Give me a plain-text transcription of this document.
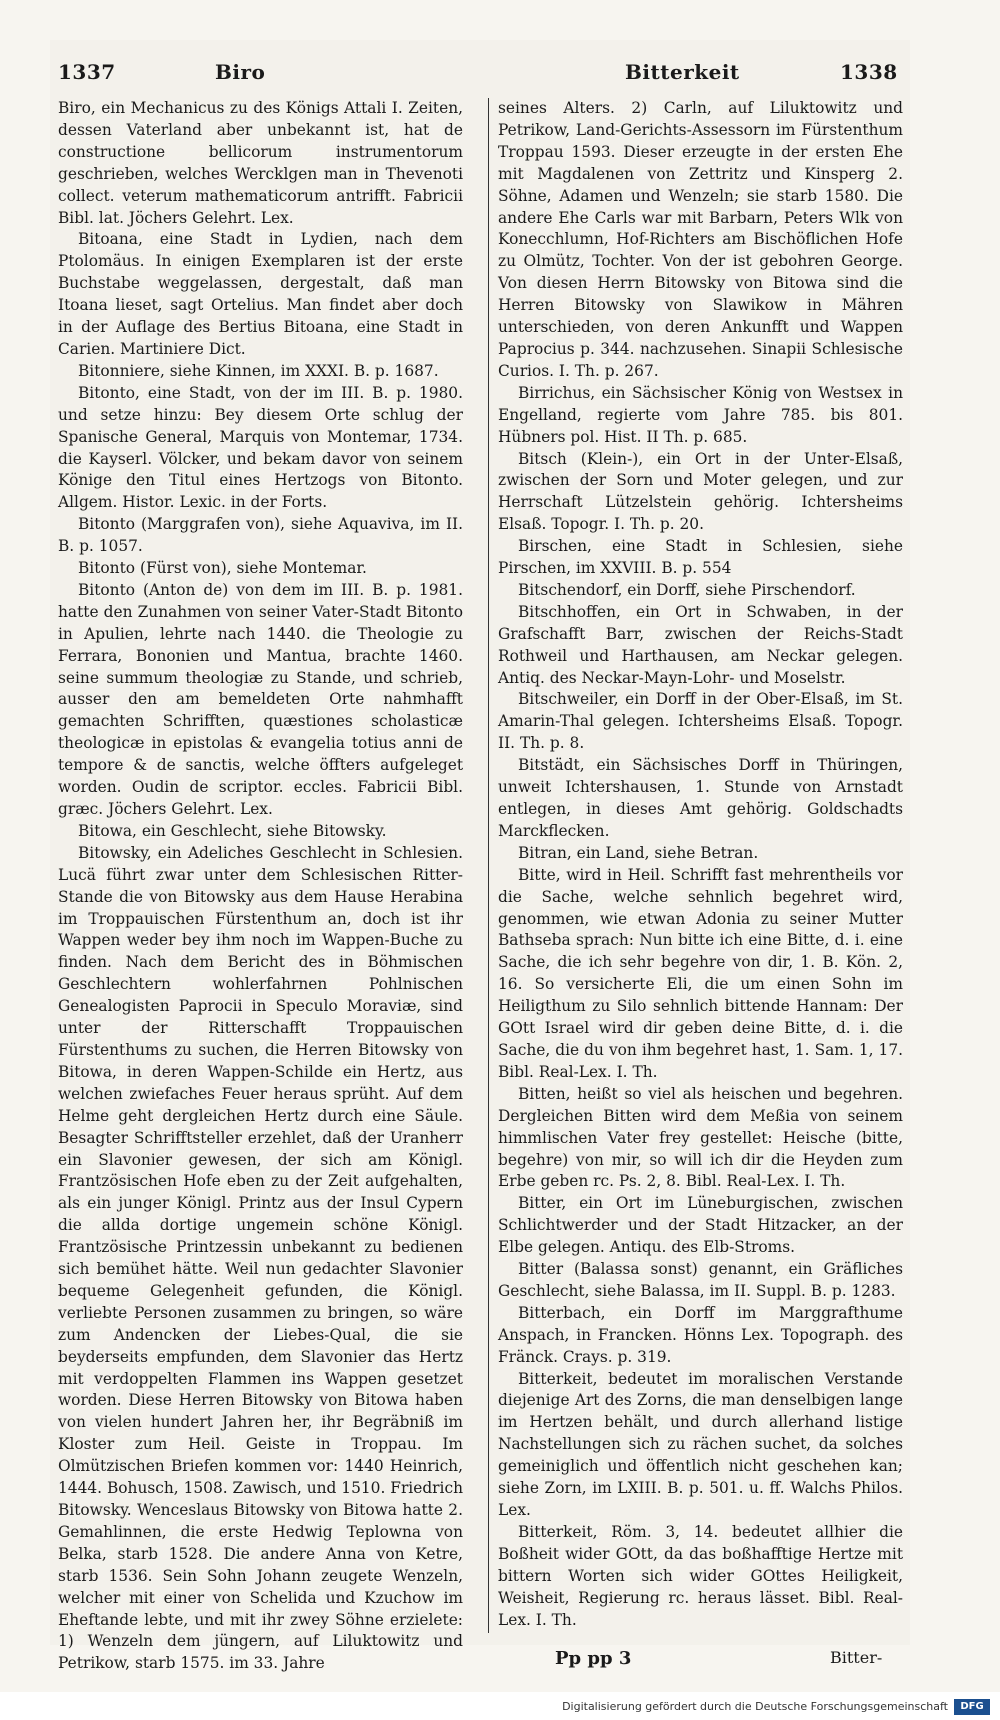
1337	Biro	Bitterkeit	1338

Biro, ein Mechanicus zu des Königs Attali I. Zeiten, dessen Vaterland aber unbekannt ist, hat de constructione bellicorum instrumentorum geschrieben, welches Wercklgen man in Thevenoti collect. veterum mathematicorum antrifft. Fabricii Bibl. lat. Jöchers Gelehrt. Lex.

Bitoana, eine Stadt in Lydien, nach dem Ptolomäus. In einigen Exemplaren ist der erste Buchstabe weggelassen, dergestalt, daß man Itoana lieset, sagt Ortelius. Man findet aber doch in der Auflage des Bertius Bitoana, eine Stadt in Carien. Martiniere Dict.

Bitonniere, siehe Kinnen, im XXXI. B. p. 1687.

Bitonto, eine Stadt, von der im III. B. p. 1980. und setze hinzu: Bey diesem Orte schlug der Spanische General, Marquis von Montemar, 1734. die Kayserl. Völcker, und bekam davor von seinem Könige den Titul eines Hertzogs von Bitonto. Allgem. Histor. Lexic. in der Forts.

Bitonto (Marggrafen von), siehe Aquaviva, im II. B. p. 1057.

Bitonto (Fürst von), siehe Montemar.

Bitonto (Anton de) von dem im III. B. p. 1981. hatte den Zunahmen von seiner Vater-Stadt Bitonto in Apulien, lehrte nach 1440. die Theologie zu Ferrara, Bononien und Mantua, brachte 1460. seine summum theologiæ zu Stande, und schrieb, ausser den am bemeldeten Orte nahmhafft gemachten Schrifften, quæstiones scholasticæ theologicæ in epistolas & evangelia totius anni de tempore & de sanctis, welche öffters aufgeleget worden. Oudin de scriptor. eccles. Fabricii Bibl. græc. Jöchers Gelehrt. Lex.

Bitowa, ein Geschlecht, siehe Bitowsky.

Bitowsky, ein Adeliches Geschlecht in Schlesien. Lucä führt zwar unter dem Schlesischen Ritter-Stande die von Bitowsky aus dem Hause Herabina im Troppauischen Fürstenthum an, doch ist ihr Wappen weder bey ihm noch im Wappen-Buche zu finden. Nach dem Bericht des in Böhmischen Geschlechtern wohlerfahrnen Pohlnischen Genealogisten Paprocii in Speculo Moraviæ, sind unter der Ritterschafft Troppauischen Fürstenthums zu suchen, die Herren Bitowsky von Bitowa, in deren Wappen-Schilde ein Hertz, aus welchen zwiefaches Feuer heraus sprüht. Auf dem Helme geht dergleichen Hertz durch eine Säule. Besagter Schrifftsteller erzehlet, daß der Uranherr ein Slavonier gewesen, der sich am Königl. Frantzösischen Hofe eben zu der Zeit aufgehalten, als ein junger Königl. Printz aus der Insul Cypern die allda dortige ungemein schöne Königl. Frantzösische Printzessin unbekannt zu bedienen sich bemühet hätte. Weil nun gedachter Slavonier bequeme Gelegenheit gefunden, die Königl. verliebte Personen zusammen zu bringen, so wäre zum Andencken der Liebes-Qual, die sie beyderseits empfunden, dem Slavonier das Hertz mit verdoppelten Flammen ins Wappen gesetzet worden. Diese Herren Bitowsky von Bitowa haben von vielen hundert Jahren her, ihr Begräbniß im Kloster zum Heil. Geiste in Troppau. Im Olmützischen Briefen kommen vor: 1440 Heinrich, 1444. Bohusch, 1508. Zawisch, und 1510. Friedrich Bitowsky. Wenceslaus Bitowsky von Bitowa hatte 2. Gemahlinnen, die erste Hedwig Teplowna von Belka, starb 1528. Die andere Anna von Ketre, starb 1536. Sein Sohn Johann zeugete Wenzeln, welcher mit einer von Schelida und Kzuchow im Eheftande lebte, und mit ihr zwey Söhne erzielete: 1) Wenzeln dem jüngern, auf Liluktowitz und Petrikow, starb 1575. im 33. Jahre

seines Alters. 2) Carln, auf Liluktowitz und Petrikow, Land-Gerichts-Assessorn im Fürstenthum Troppau 1593. Dieser erzeugte in der ersten Ehe mit Magdalenen von Zettritz und Kinsperg 2. Söhne, Adamen und Wenzeln; sie starb 1580. Die andere Ehe Carls war mit Barbarn, Peters Wlk von Konecchlumn, Hof-Richters am Bischöflichen Hofe zu Olmütz, Tochter. Von der ist gebohren George. Von diesen Herrn Bitowsky von Bitowa sind die Herren Bitowsky von Slawikow in Mähren unterschieden, von deren Ankunfft und Wappen Paprocius p. 344. nachzusehen. Sinapii Schlesische Curios. I. Th. p. 267.

Birrichus, ein Sächsischer König von Westsex in Engelland, regierte vom Jahre 785. bis 801. Hübners pol. Hist. II Th. p. 685.

Bitsch (Klein-), ein Ort in der Unter-Elsaß, zwischen der Sorn und Moter gelegen, und zur Herrschaft Lützelstein gehörig. Ichtersheims Elsaß. Topogr. I. Th. p. 20.

Birschen, eine Stadt in Schlesien, siehe Pirschen, im XXVIII. B. p. 554

Bitschendorf, ein Dorff, siehe Pirschendorf.

Bitschhoffen, ein Ort in Schwaben, in der Grafschafft Barr, zwischen der Reichs-Stadt Rothweil und Harthausen, am Neckar gelegen. Antiq. des Neckar-Mayn-Lohr- und Moselstr.

Bitschweiler, ein Dorff in der Ober-Elsaß, im St. Amarin-Thal gelegen. Ichtersheims Elsaß. Topogr. II. Th. p. 8.

Bitstädt, ein Sächsisches Dorff in Thüringen, unweit Ichtershausen, 1. Stunde von Arnstadt entlegen, in dieses Amt gehörig. Goldschadts Marckflecken.

Bitran, ein Land, siehe Betran.

Bitte, wird in Heil. Schrifft fast mehrentheils vor die Sache, welche sehnlich begehret wird, genommen, wie etwan Adonia zu seiner Mutter Bathseba sprach: Nun bitte ich eine Bitte, d. i. eine Sache, die ich sehr begehre von dir, 1. B. Kön. 2, 16. So versicherte Eli, die um einen Sohn im Heiligthum zu Silo sehnlich bittende Hannam: Der GOtt Israel wird dir geben deine Bitte, d. i. die Sache, die du von ihm begehret hast, 1. Sam. 1, 17. Bibl. Real-Lex. I. Th.

Bitten, heißt so viel als heischen und begehren. Dergleichen Bitten wird dem Meßia von seinem himmlischen Vater frey gestellet: Heische (bitte, begehre) von mir, so will ich dir die Heyden zum Erbe geben rc. Ps. 2, 8. Bibl. Real-Lex. I. Th.

Bitter, ein Ort im Lüneburgischen, zwischen Schlichtwerder und der Stadt Hitzacker, an der Elbe gelegen. Antiqu. des Elb-Stroms.

Bitter (Balassa sonst) genannt, ein Gräfliches Geschlecht, siehe Balassa, im II. Suppl. B. p. 1283.

Bitterbach, ein Dorff im Marggrafthume Anspach, in Francken. Hönns Lex. Topograph. des Fränck. Crays. p. 319.

Bitterkeit, bedeutet im moralischen Verstande diejenige Art des Zorns, die man denselbigen lange im Hertzen behält, und durch allerhand listige Nachstellungen sich zu rächen suchet, da solches gemeiniglich und öffentlich nicht geschehen kan; siehe Zorn, im LXIII. B. p. 501. u. ff. Walchs Philos. Lex.

Bitterkeit, Röm. 3, 14. bedeutet allhier die Boßheit wider GOtt, da das boßhafftige Hertze mit bittern Worten sich wider GOttes Heiligkeit, Weisheit, Regierung rc. heraus lässet. Bibl. Real-Lex. I. Th.

Pp pp 3	Bitter-
Digitalisierung gefördert durch die Deutsche Forschungsgemeinschaft	DFG
